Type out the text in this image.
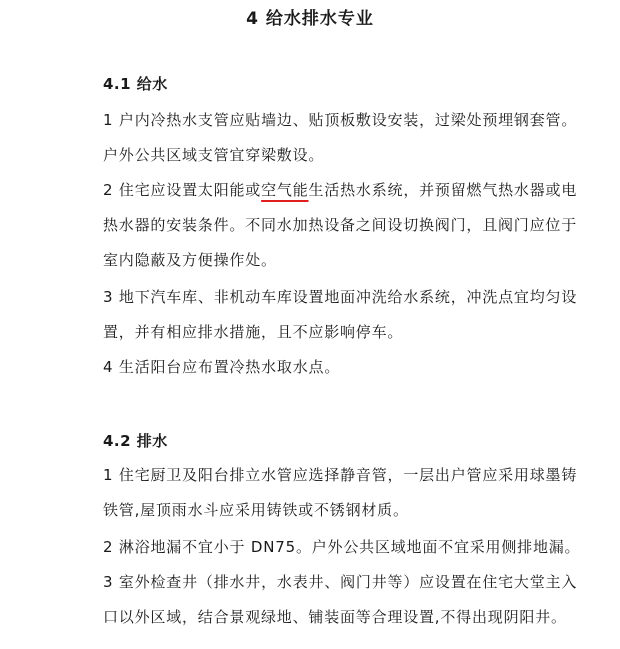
4 给水排水专业
4.1 给水
1 户内冷热水支管应贴墙边、贴顶板敷设安装，过梁处预埋钢套管。
户外公共区域支管宜穿梁敷设。
2 住宅应设置太阳能或空气能生活热水系统，并预留燃气热水器或电
热水器的安装条件。不同水加热设备之间设切换阀门，且阀门应位于
室内隐蔽及方便操作处。
3 地下汽车库、非机动车库设置地面冲洗给水系统，冲洗点宜均匀设
置，并有相应排水措施，且不应影响停车。
4 生活阳台应布置冷热水取水点。
4.2 排水
1 住宅厨卫及阳台排立水管应选择静音管，一层出户管应采用球墨铸
铁管,屋顶雨水斗应采用铸铁或不锈钢材质。
2 淋浴地漏不宜小于 DN75。户外公共区域地面不宜采用侧排地漏。
3 室外检查井（排水井，水表井、阀门井等）应设置在住宅大堂主入
口以外区域，结合景观绿地、铺装面等合理设置,不得出现阴阳井。
